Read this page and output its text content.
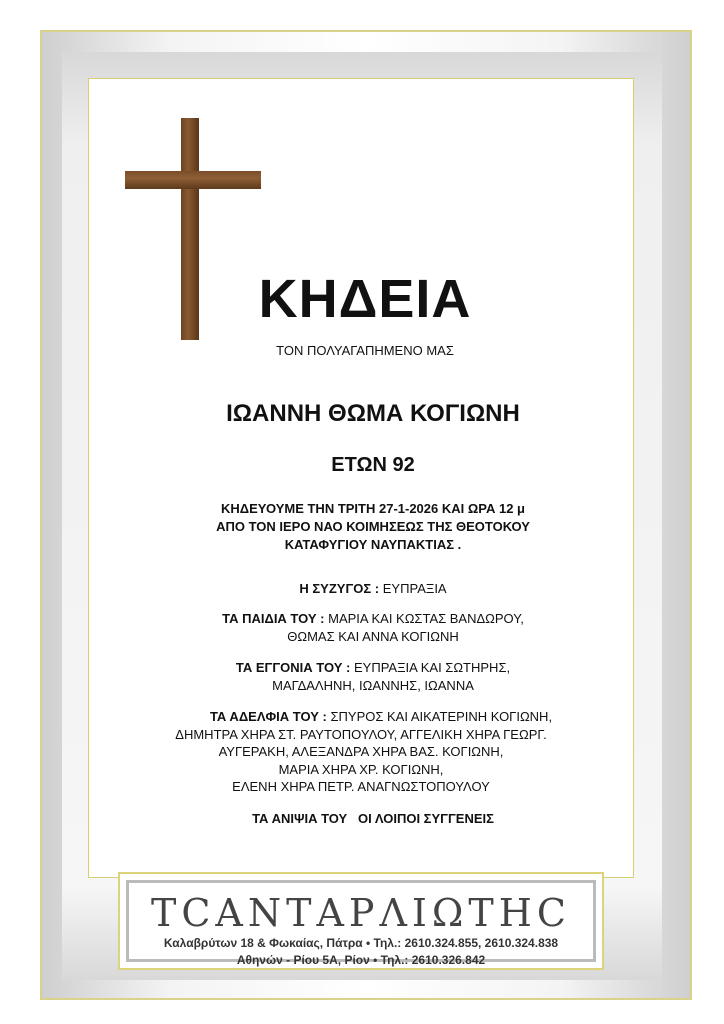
ΚΗΔΕΙΑ
ΤΟΝ ΠΟΛΥΑΓΑΠΗΜΕΝΟ ΜΑΣ
ΙΩΑΝΝΗ ΘΩΜΑ ΚΟΓΙΩΝΗ
ΕΤΩΝ 92
ΚΗΔΕΥΟΥΜΕ ΤΗΝ ΤΡΙΤΗ 27-1-2026 ΚΑΙ ΩΡΑ 12 μ
ΑΠΟ ΤΟΝ ΙΕΡΟ ΝΑΟ ΚΟΙΜΗΣΕΩΣ ΤΗΣ ΘΕΟΤΟΚΟΥ
ΚΑΤΑΦΥΓΙΟΥ ΝΑΥΠΑΚΤΙΑΣ .
Η ΣΥΖΥΓΟΣ : ΕΥΠΡΑΞΙΑ
ΤΑ ΠΑΙΔΙΑ ΤΟΥ : ΜΑΡΙΑ ΚΑΙ ΚΩΣΤΑΣ ΒΑΝΔΩΡΟΥ,
ΘΩΜΑΣ ΚΑΙ ΑΝΝΑ ΚΟΓΙΩΝΗ
ΤΑ ΕΓΓΟΝΙΑ ΤΟΥ : ΕΥΠΡΑΞΙΑ ΚΑΙ ΣΩΤΗΡΗΣ,
ΜΑΓΔΑΛΗΝΗ, ΙΩΑΝΝΗΣ, ΙΩΑΝΝΑ
ΤΑ ΑΔΕΛΦΙΑ ΤΟΥ : ΣΠΥΡΟΣ ΚΑΙ ΑΙΚΑΤΕΡΙΝΗ ΚΟΓΙΩΝΗ,
ΔΗΜΗΤΡΑ ΧΗΡΑ ΣΤ. ΡΑΥΤΟΠΟΥΛΟΥ, ΑΓΓΕΛΙΚΗ ΧΗΡΑ ΓΕΩΡΓ.
ΑΥΓΕΡΑΚΗ, ΑΛΕΞΑΝΔΡΑ ΧΗΡΑ ΒΑΣ. ΚΟΓΙΩΝΗ,
ΜΑΡΙΑ ΧΗΡΑ ΧΡ. ΚΟΓΙΩΝΗ,
ΕΛΕΝΗ ΧΗΡΑ ΠΕΤΡ. ΑΝΑΓΝΩΣΤΟΠΟΥΛΟΥ
ΤΑ ΑΝΙΨΙΑ ΤΟΥ   ΟΙ ΛΟΙΠΟΙ ΣΥΓΓΕΝΕΙΣ
ΤCΑΝΤΑΡΛΙΩΤΗC
Καλαβρύτων 18 & Φωκαίας, Πάτρα • Τηλ.: 2610.324.855, 2610.324.838
Αθηνών - Ρίου 5Α, Ρίον • Τηλ.: 2610.326.842
